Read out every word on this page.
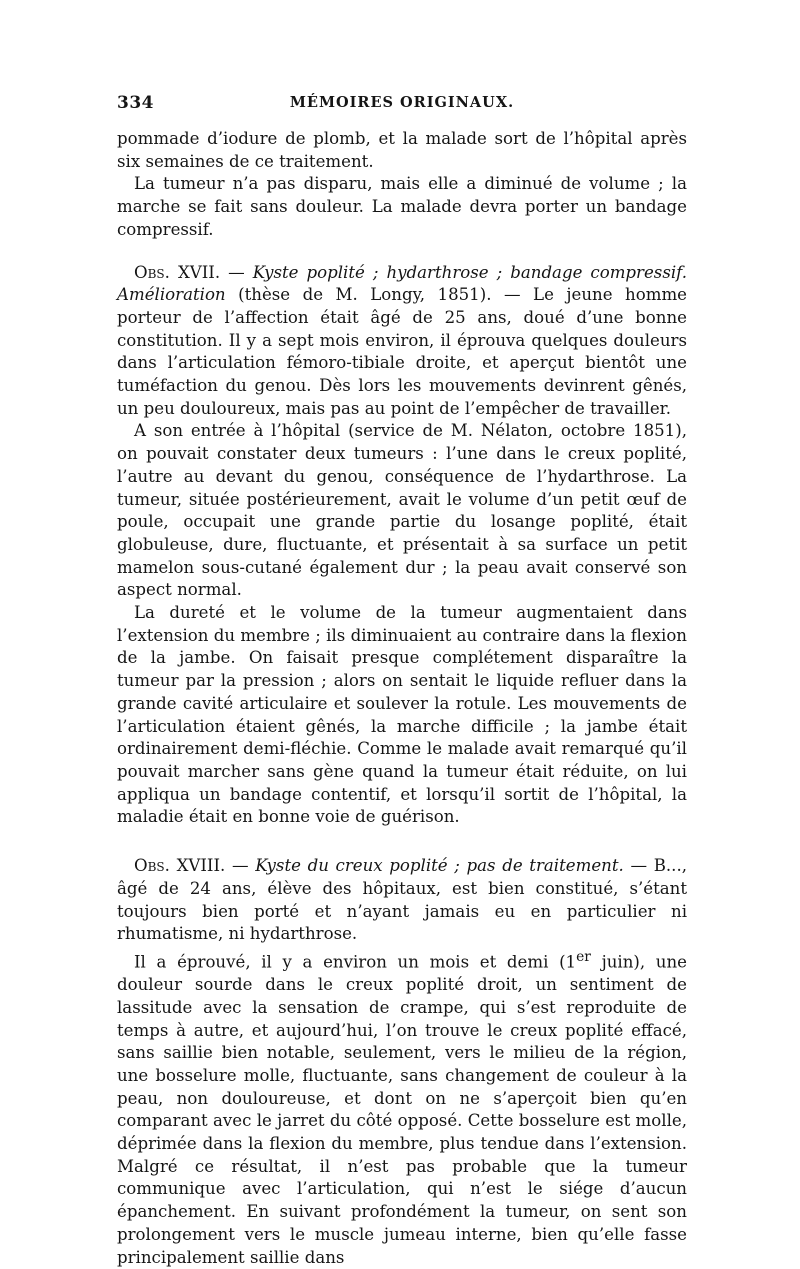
334	MÉMOIRES ORIGINAUX.

pommade d’iodure de plomb, et la malade sort de l’hôpital après six semaines de ce traitement.

La tumeur n’a pas disparu, mais elle a diminué de volume ; la marche se fait sans douleur. La malade devra porter un bandage compressif.

Obs. XVII. — Kyste poplité ; hydarthrose ; bandage compressif. Amélioration (thèse de M. Longy, 1851). — Le jeune homme porteur de l’affection était âgé de 25 ans, doué d’une bonne constitution. Il y a sept mois environ, il éprouva quelques douleurs dans l’articulation fémoro-tibiale droite, et aperçut bientôt une tuméfaction du genou. Dès lors les mouvements devinrent gênés, un peu douloureux, mais pas au point de l’empêcher de travailler.

A son entrée à l’hôpital (service de M. Nélaton, octobre 1851), on pouvait constater deux tumeurs : l’une dans le creux poplité, l’autre au devant du genou, conséquence de l’hydarthrose. La tumeur, située postérieurement, avait le volume d’un petit œuf de poule, occupait une grande partie du losange poplité, était globuleuse, dure, fluctuante, et présentait à sa surface un petit mamelon sous-cutané également dur ; la peau avait conservé son aspect normal.

La dureté et le volume de la tumeur augmentaient dans l’extension du membre ; ils diminuaient au contraire dans la flexion de la jambe. On faisait presque complétement disparaître la tumeur par la pression ; alors on sentait le liquide refluer dans la grande cavité articulaire et soulever la rotule. Les mouvements de l’articulation étaient gênés, la marche difficile ; la jambe était ordinairement demi-fléchie. Comme le malade avait remarqué qu’il pouvait marcher sans gène quand la tumeur était réduite, on lui appliqua un bandage contentif, et lorsqu’il sortit de l’hôpital, la maladie était en bonne voie de guérison.

Obs. XVIII. — Kyste du creux poplité ; pas de traitement. — B..., âgé de 24 ans, élève des hôpitaux, est bien constitué, s’étant toujours bien porté et n’ayant jamais eu en particulier ni rhumatisme, ni hydarthrose.

Il a éprouvé, il y a environ un mois et demi (1er juin), une douleur sourde dans le creux poplité droit, un sentiment de lassitude avec la sensation de crampe, qui s’est reproduite de temps à autre, et aujourd’hui, l’on trouve le creux poplité effacé, sans saillie bien notable, seulement, vers le milieu de la région, une bosselure molle, fluctuante, sans changement de couleur à la peau, non douloureuse, et dont on ne s’aperçoit bien qu’en comparant avec le jarret du côté opposé. Cette bosselure est molle, déprimée dans la flexion du membre, plus tendue dans l’extension. Malgré ce résultat, il n’est pas probable que la tumeur communique avec l’articulation, qui n’est le siége d’aucun épanchement. En suivant profondément la tumeur, on sent son prolongement vers le muscle jumeau interne, bien qu’elle fasse principalement saillie dans
